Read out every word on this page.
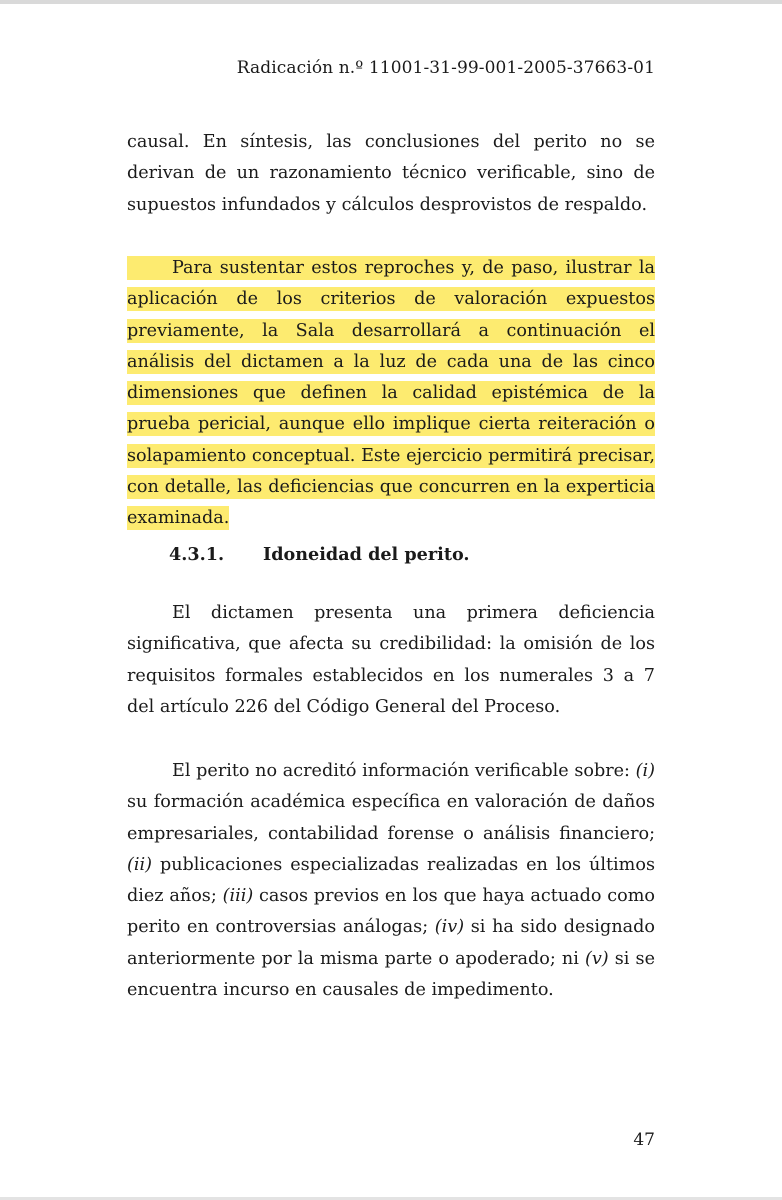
Radicación n.º 11001-31-99-001-2005-37663-01

causal. En síntesis, las conclusiones del perito no se derivan de un razonamiento técnico verificable, sino de supuestos infundados y cálculos desprovistos de respaldo.

Para sustentar estos reproches y, de paso, ilustrar la aplicación de los criterios de valoración expuestos previamente, la Sala desarrollará a continuación el análisis del dictamen a la luz de cada una de las cinco dimensiones que definen la calidad epistémica de la prueba pericial, aunque ello implique cierta reiteración o solapamiento conceptual. Este ejercicio permitirá precisar, con detalle, las deficiencias que concurren en la experticia examinada.

4.3.1. Idoneidad del perito.

El dictamen presenta una primera deficiencia significativa, que afecta su credibilidad: la omisión de los requisitos formales establecidos en los numerales 3 a 7 del artículo 226 del Código General del Proceso.

El perito no acreditó información verificable sobre: (i) su formación académica específica en valoración de daños empresariales, contabilidad forense o análisis financiero; (ii) publicaciones especializadas realizadas en los últimos diez años; (iii) casos previos en los que haya actuado como perito en controversias análogas; (iv) si ha sido designado anteriormente por la misma parte o apoderado; ni (v) si se encuentra incurso en causales de impedimento.

47
